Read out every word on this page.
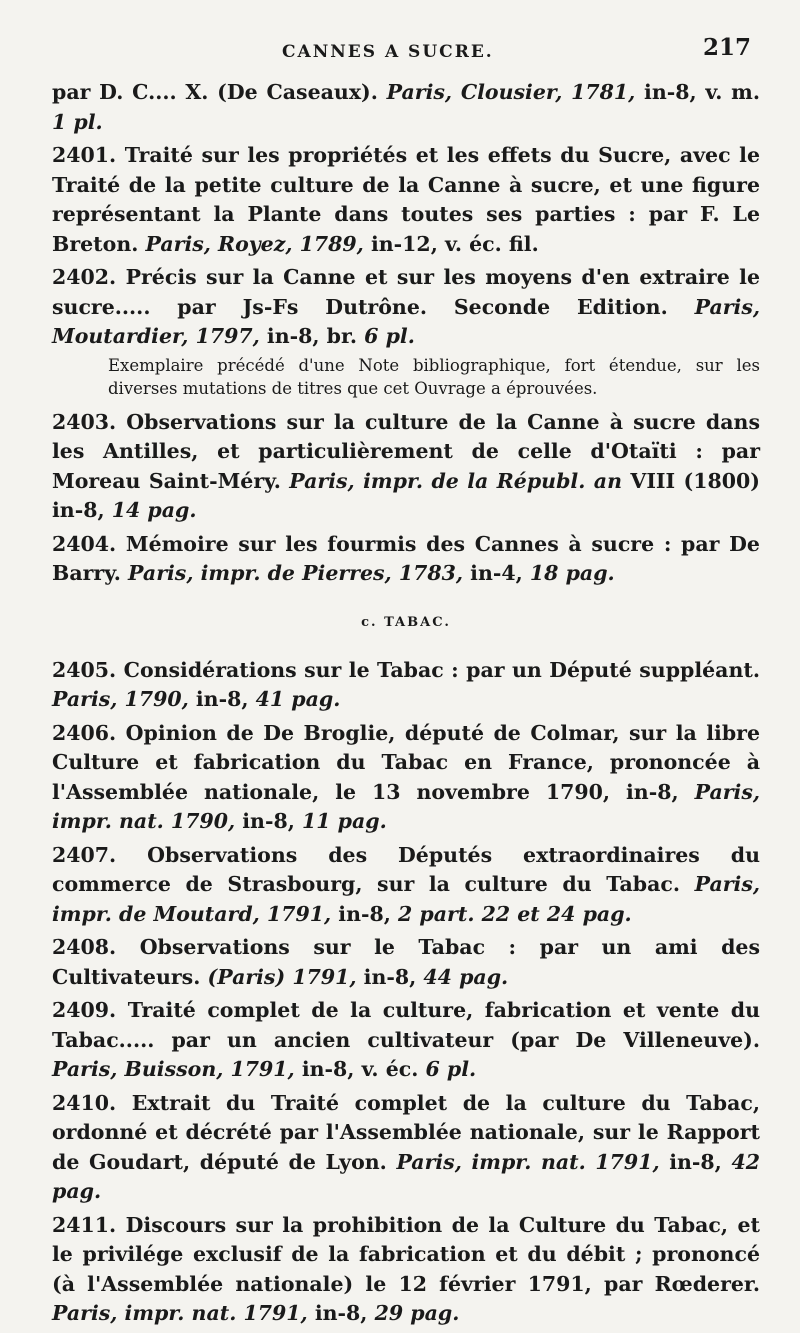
CANNES A SUCRE.	217
par D. C.... X. (De Caseaux). Paris, Clousier, 1781, in-8, v. m. 1 pl.
2401. Traité sur les propriétés et les effets du Sucre, avec le Traité de la petite culture de la Canne à sucre, et une figure représentant la Plante dans toutes ses parties : par F. Le Breton. Paris, Royez, 1789, in-12, v. éc. fil.
2402. Précis sur la Canne et sur les moyens d'en extraire le sucre..... par Js-Fs Dutrône. Seconde Edition. Paris, Moutardier, 1797, in-8, br. 6 pl.
Exemplaire précédé d'une Note bibliographique, fort étendue, sur les diverses mutations de titres que cet Ouvrage a éprouvées.
2403. Observations sur la culture de la Canne à sucre dans les Antilles, et particulièrement de celle d'Otaïti : par Moreau Saint-Méry. Paris, impr. de la Républ. an VIII (1800) in-8, 14 pag.
2404. Mémoire sur les fourmis des Cannes à sucre : par De Barry. Paris, impr. de Pierres, 1783, in-4, 18 pag.
c. TABAC.
2405. Considérations sur le Tabac : par un Député suppléant. Paris, 1790, in-8, 41 pag.
2406. Opinion de De Broglie, député de Colmar, sur la libre Culture et fabrication du Tabac en France, prononcée à l'Assemblée nationale, le 13 novembre 1790, in-8, Paris, impr. nat. 1790, in-8, 11 pag.
2407. Observations des Députés extraordinaires du commerce de Strasbourg, sur la culture du Tabac. Paris, impr. de Moutard, 1791, in-8, 2 part. 22 et 24 pag.
2408. Observations sur le Tabac : par un ami des Cultivateurs. (Paris) 1791, in-8, 44 pag.
2409. Traité complet de la culture, fabrication et vente du Tabac..... par un ancien cultivateur (par De Villeneuve). Paris, Buisson, 1791, in-8, v. éc. 6 pl.
2410. Extrait du Traité complet de la culture du Tabac, ordonné et décrété par l'Assemblée nationale, sur le Rapport de Goudart, député de Lyon. Paris, impr. nat. 1791, in-8, 42 pag.
2411. Discours sur la prohibition de la Culture du Tabac, et le privilége exclusif de la fabrication et du débit ; prononcé (à l'Assemblée nationale) le 12 février 1791, par Rœderer. Paris, impr. nat. 1791, in-8, 29 pag.
